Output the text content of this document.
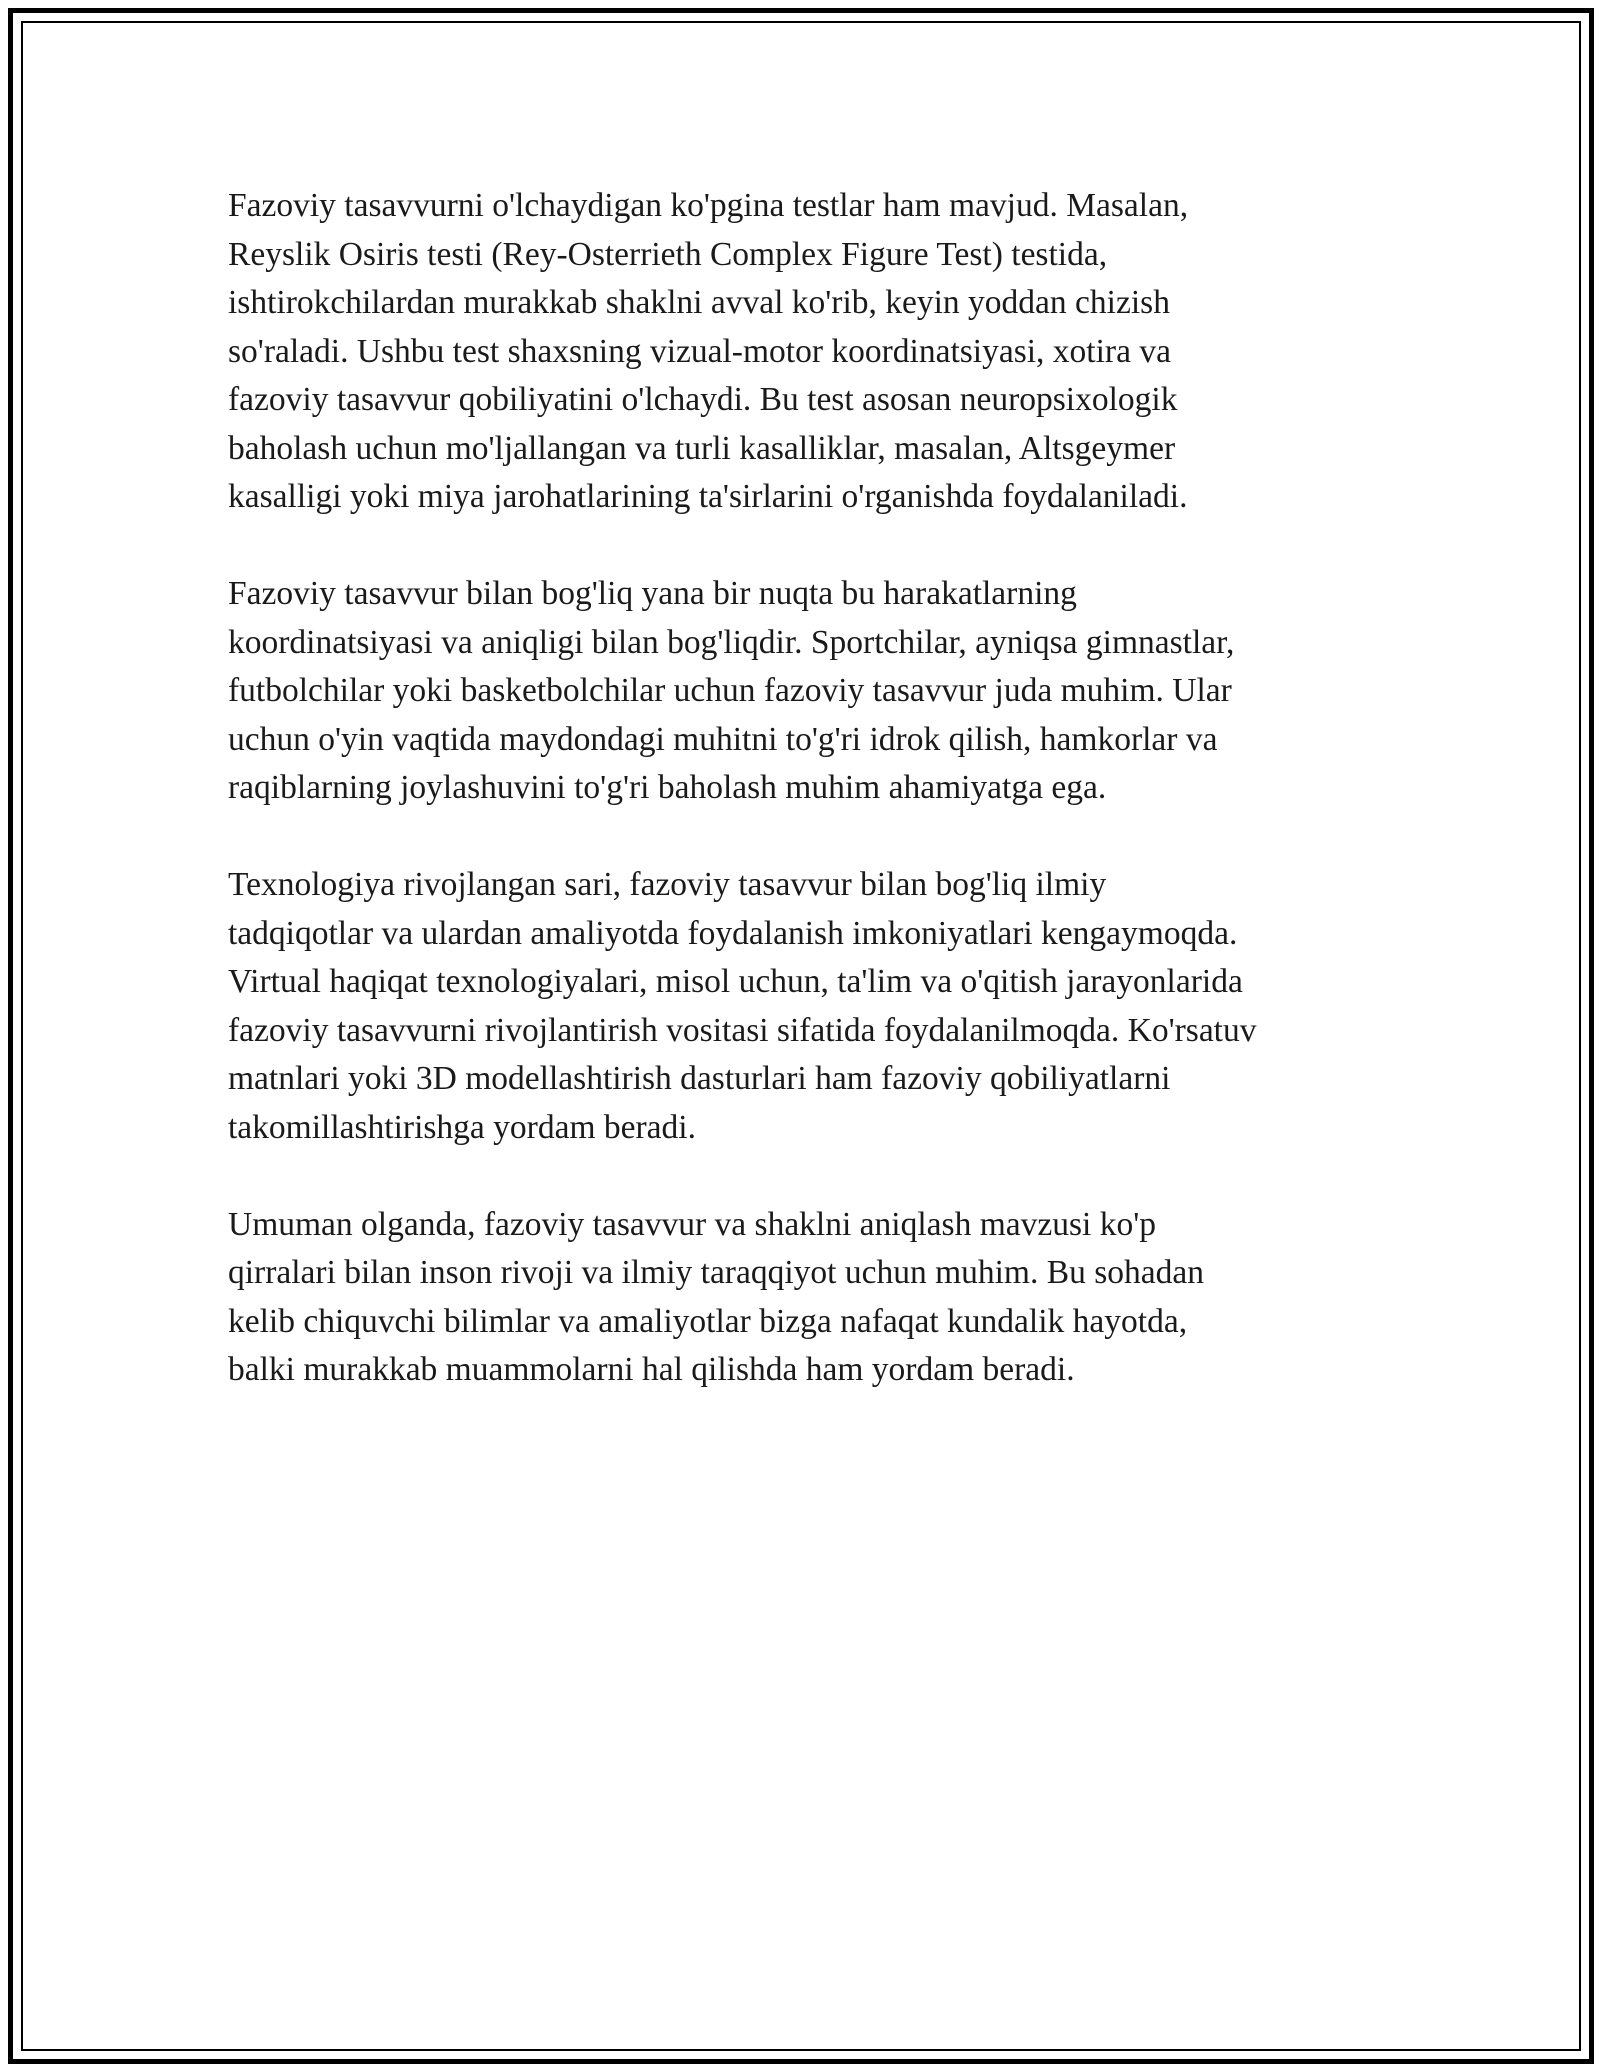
Fazoviy tasavvurni o'lchaydigan ko'pgina testlar ham mavjud. Masalan,
Reyslik Osiris testi (Rey-Osterrieth Complex Figure Test) testida,
ishtirokchilardan murakkab shaklni avval ko'rib, keyin yoddan chizish
so'raladi. Ushbu test shaxsning vizual-motor koordinatsiyasi, xotira va
fazoviy tasavvur qobiliyatini o'lchaydi. Bu test asosan neuropsixologik
baholash uchun mo'ljallangan va turli kasalliklar, masalan, Altsgeymer
kasalligi yoki miya jarohatlarining ta'sirlarini o'rganishda foydalaniladi.

Fazoviy tasavvur bilan bog'liq yana bir nuqta bu harakatlarning
koordinatsiyasi va aniqligi bilan bog'liqdir. Sportchilar, ayniqsa gimnastlar,
futbolchilar yoki basketbolchilar uchun fazoviy tasavvur juda muhim. Ular
uchun o'yin vaqtida maydondagi muhitni to'g'ri idrok qilish, hamkorlar va
raqiblarning joylashuvini to'g'ri baholash muhim ahamiyatga ega.

Texnologiya rivojlangan sari, fazoviy tasavvur bilan bog'liq ilmiy
tadqiqotlar va ulardan amaliyotda foydalanish imkoniyatlari kengaymoqda.
Virtual haqiqat texnologiyalari, misol uchun, ta'lim va o'qitish jarayonlarida
fazoviy tasavvurni rivojlantirish vositasi sifatida foydalanilmoqda. Ko'rsatuv
matnlari yoki 3D modellashtirish dasturlari ham fazoviy qobiliyatlarni
takomillashtirishga yordam beradi.

Umuman olganda, fazoviy tasavvur va shaklni aniqlash mavzusi ko'p
qirralari bilan inson rivoji va ilmiy taraqqiyot uchun muhim. Bu sohadan
kelib chiquvchi bilimlar va amaliyotlar bizga nafaqat kundalik hayotda,
balki murakkab muammolarni hal qilishda ham yordam beradi.
